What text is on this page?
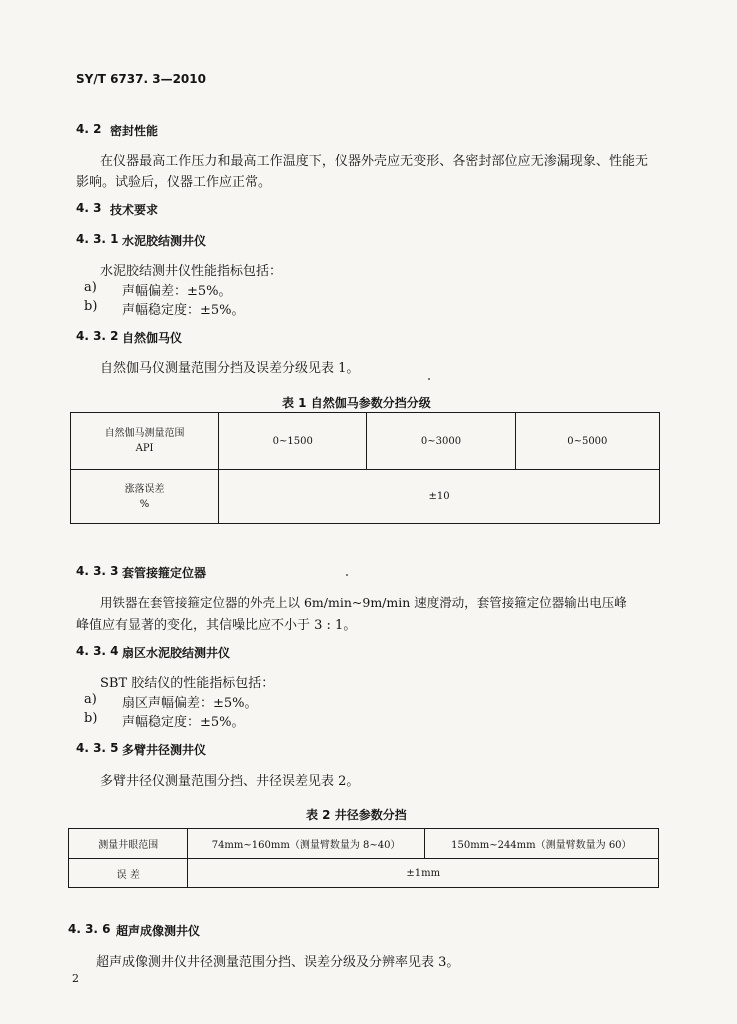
SY/T 6737. 3—2010
4. 2 密封性能
在仪器最高工作压力和最高工作温度下，仪器外壳应无变形、各密封部位应无渗漏现象、性能无
影响。试验后，仪器工作应正常。
4. 3 技术要求
4. 3. 1 水泥胶结测井仪
水泥胶结测井仪性能指标包括：
a) 声幅偏差：±5%。
b) 声幅稳定度：±5%。
4. 3. 2 自然伽马仪
自然伽马仪测量范围分挡及误差分级见表 1。
表 1 自然伽马参数分挡分级
自然伽马测量范围
API	0~1500	0~3000	0~5000

涨落误差
%	±10		
4. 3. 3 套管接箍定位器
用铁器在套管接箍定位器的外壳上以 6m/min~9m/min 速度滑动，套管接箍定位器输出电压峰
峰值应有显著的变化，其信噪比应不小于 3 : 1。
4. 3. 4 扇区水泥胶结测井仪
SBT 胶结仪的性能指标包括：
a) 扇区声幅偏差：±5%。
b) 声幅稳定度：±5%。
4. 3. 5 多臂井径测井仪
多臂井径仪测量范围分挡、井径误差见表 2。
表 2 井径参数分挡
测量井眼范围	74mm~160mm（测量臂数量为 8~40）	150mm~244mm（测量臂数量为 60）
误 差	±1mm	
4. 3. 6 超声成像测井仪
超声成像测井仪井径测量范围分挡、误差分级及分辨率见表 3。
2
